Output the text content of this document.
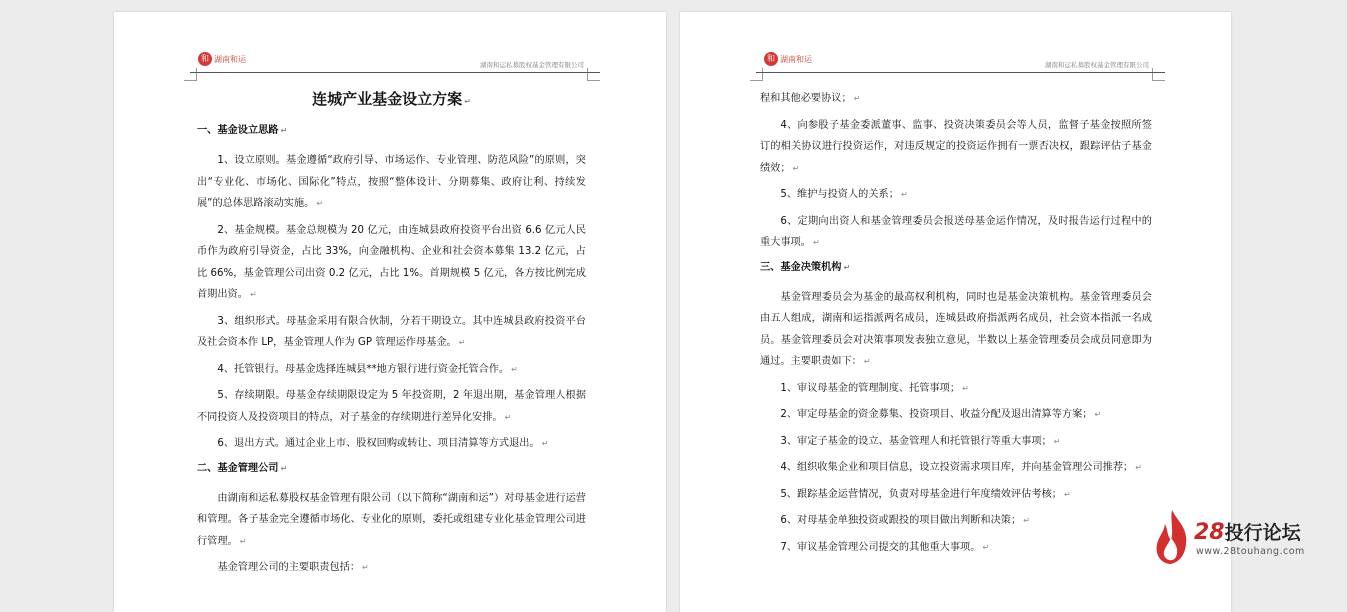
和 湖南和运
湖南和运私募股权基金管理有限公司
连城产业基金设立方案 ↵
一、基金设立思路 ↵
1、设立原则。基金遵循“政府引导、市场运作、专业管理、防范风险”的原则，突出“专业化、市场化、国际化”特点，按照“整体设计、分期募集、政府让利、持续发展”的总体思路滚动实施。 ↵
2、基金规模。基金总规模为 20 亿元，由连城县政府投资平台出资 6.6 亿元人民币作为政府引导资金，占比 33%，向金融机构、企业和社会资本募集 13.2 亿元，占比 66%，基金管理公司出资 0.2 亿元，占比 1%。首期规模 5 亿元，各方按比例完成首期出资。 ↵
3、组织形式。母基金采用有限合伙制，分若干期设立。其中连城县政府投资平台及社会资本作 LP，基金管理人作为 GP 管理运作母基金。 ↵
4、托管银行。母基金选择连城县**地方银行进行资金托管合作。 ↵
5、存续期限。母基金存续期限设定为 5 年投资期，2 年退出期，基金管理人根据不同投资人及投资项目的特点，对子基金的存续期进行差异化安排。 ↵
6、退出方式。通过企业上市、股权回购或转让、项目清算等方式退出。 ↵
二、基金管理公司 ↵
由湖南和运私募股权基金管理有限公司（以下简称“湖南和运”）对母基金进行运营和管理。各子基金完全遵循市场化、专业化的原则，委托或组建专业化基金管理公司进行管理。 ↵
基金管理公司的主要职责包括： ↵
和 湖南和运
湖南和运私募股权基金管理有限公司
程和其他必要协议； ↵
4、向参股子基金委派董事、监事、投资决策委员会等人员，监督子基金按照所签订的相关协议进行投资运作，对违反规定的投资运作拥有一票否决权，跟踪评估子基金绩效； ↵
5、维护与投资人的关系； ↵
6、定期向出资人和基金管理委员会报送母基金运作情况，及时报告运行过程中的重大事项。 ↵
三、基金决策机构 ↵
基金管理委员会为基金的最高权利机构，同时也是基金决策机构。基金管理委员会由五人组成，湖南和运指派两名成员，连城县政府指派两名成员，社会资本指派一名成员。基金管理委员会对决策事项发表独立意见，半数以上基金管理委员会成员同意即为通过。主要职责如下： ↵
1、审议母基金的管理制度、托管事项； ↵
2、审定母基金的资金募集、投资项目、收益分配及退出清算等方案； ↵
3、审定子基金的设立、基金管理人和托管银行等重大事项； ↵
4、组织收集企业和项目信息，设立投资需求项目库，并向基金管理公司推荐； ↵
5、跟踪基金运营情况，负责对母基金进行年度绩效评估考核； ↵
6、对母基金单独投资或跟投的项目做出判断和决策； ↵
7、审议基金管理公司提交的其他重大事项。 ↵
28投行论坛
www.28touhang.com
